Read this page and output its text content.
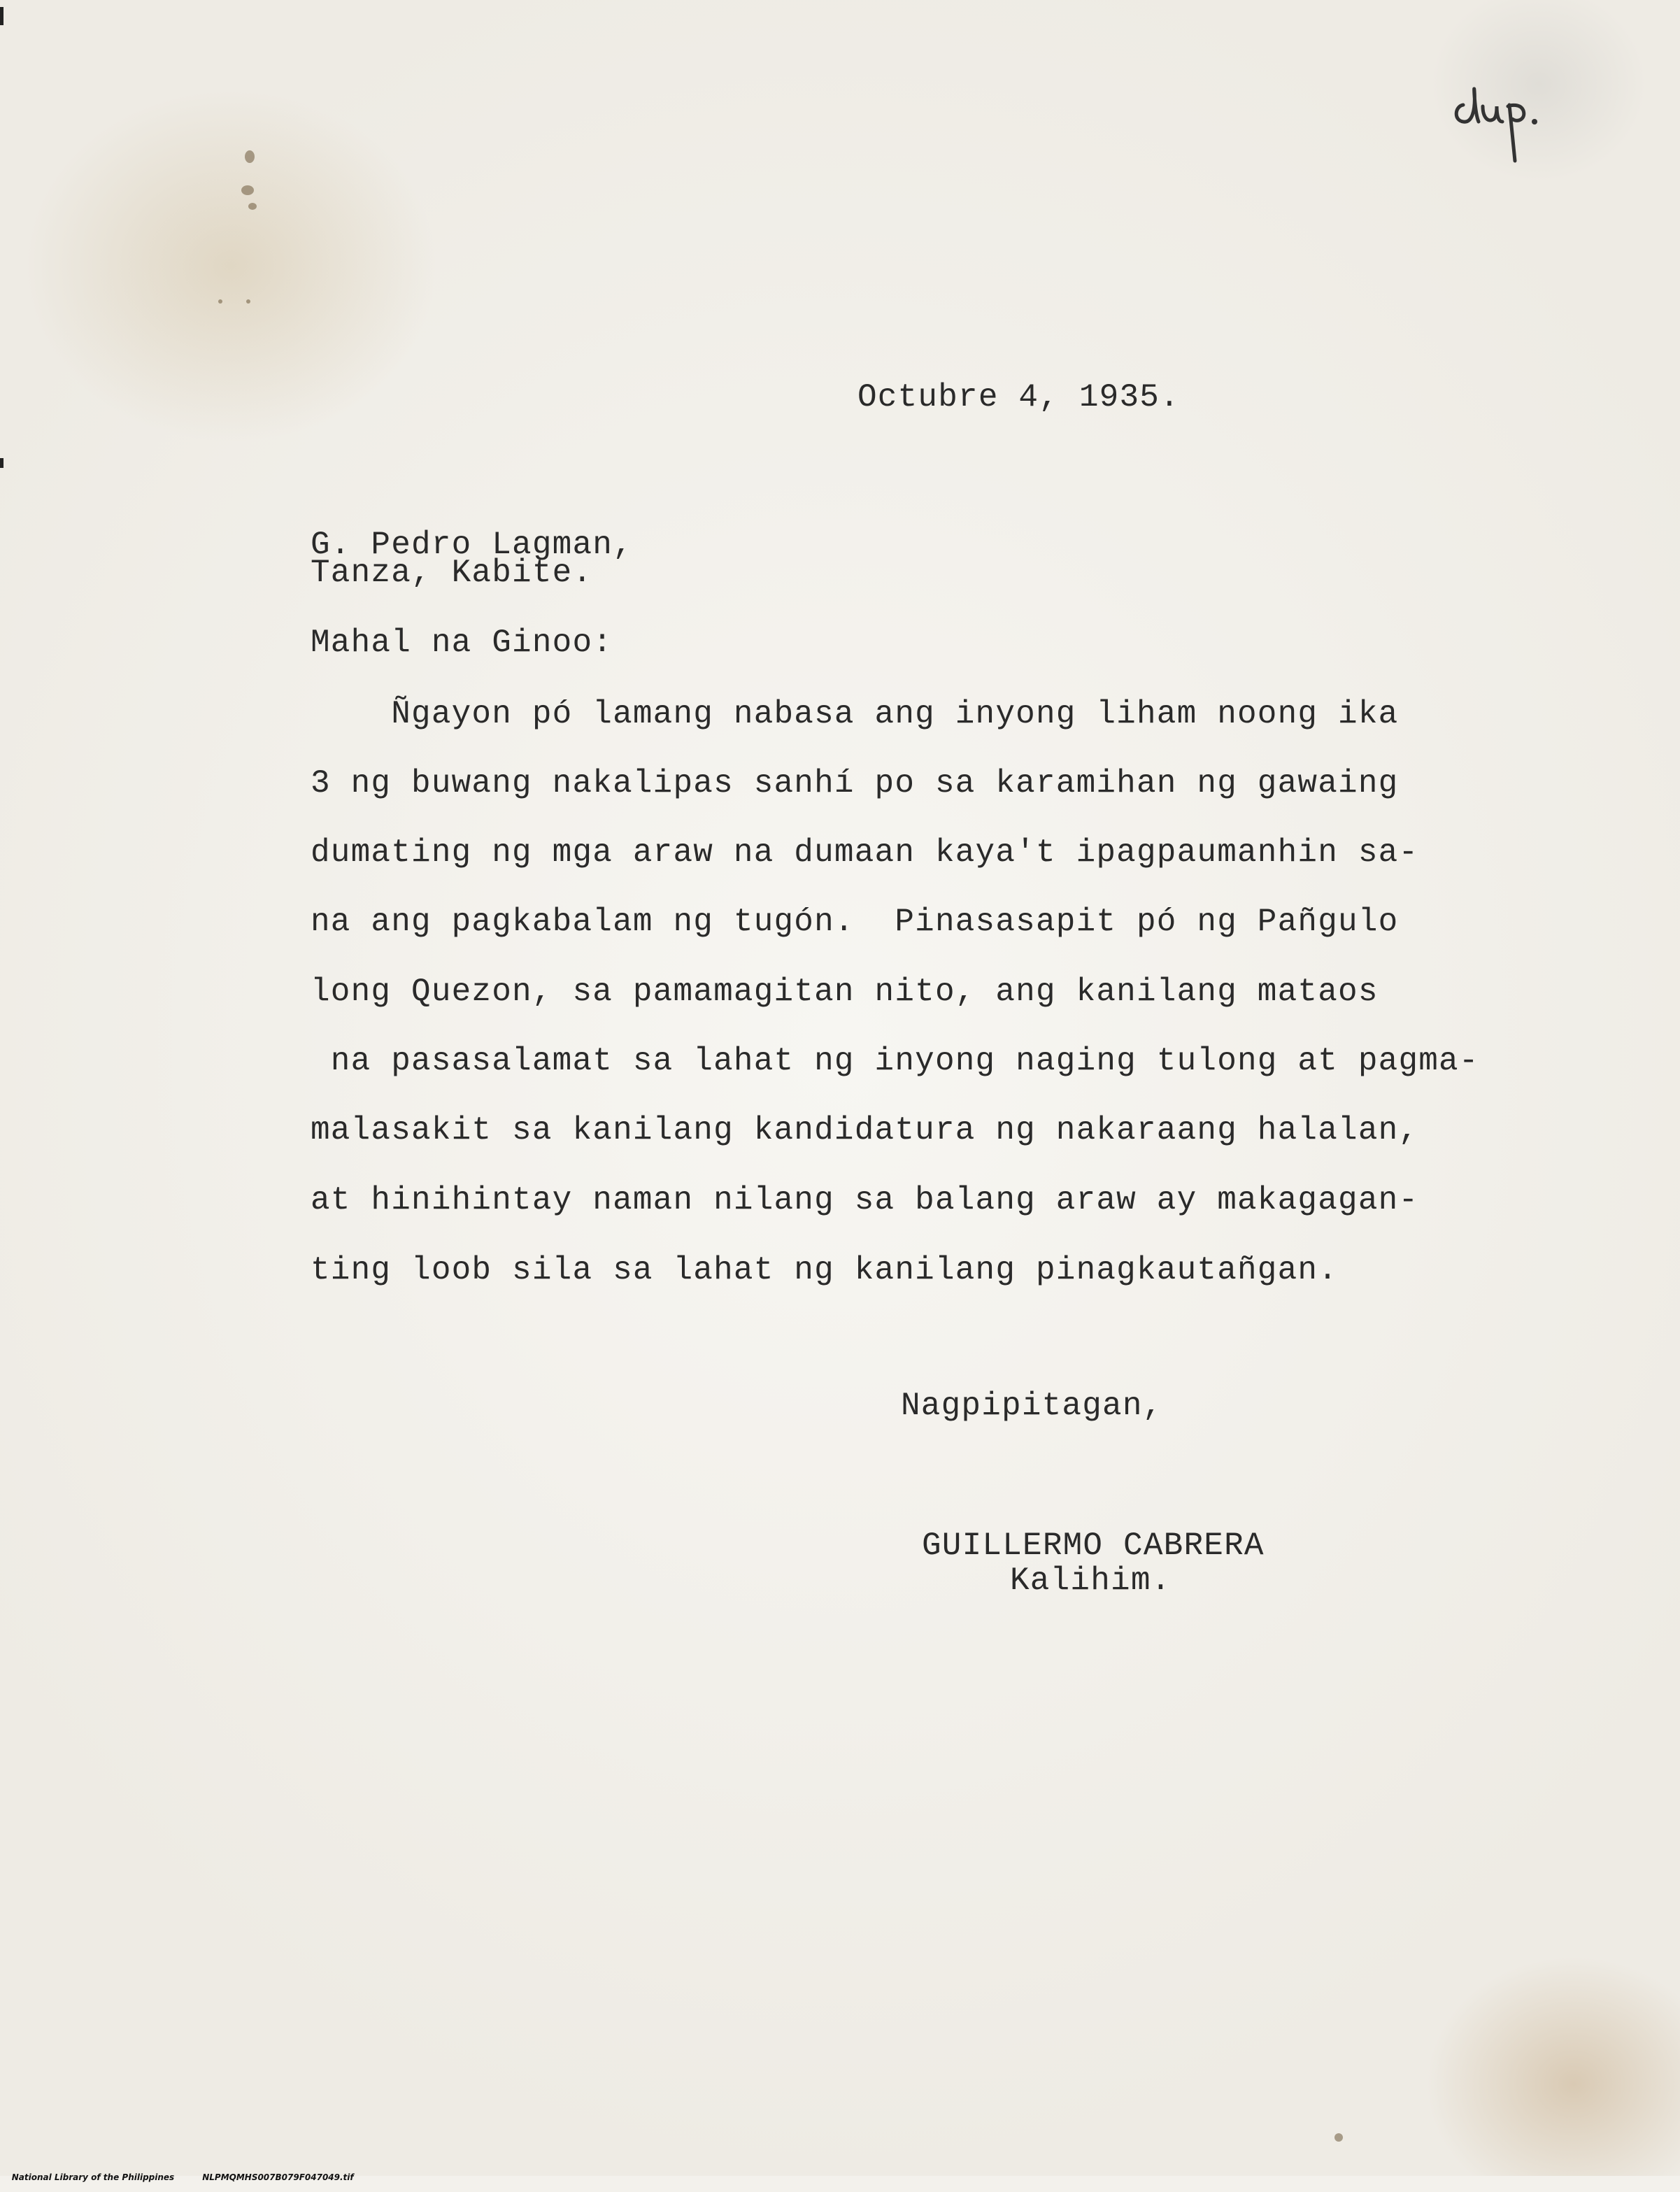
Octubre 4, 1935.
G. Pedro Lagman,
Tanza, Kabite.
Mahal na Ginoo:
Ñgayon pó lamang nabasa ang inyong liham noong ika
3 ng buwang nakalipas sanhí po sa karamihan ng gawaing
dumating ng mga araw na dumaan kaya't ipagpaumanhin sa-
na ang pagkabalam ng tugón.  Pinasasapit pó ng Pañgulo
long Quezon, sa pamamagitan nito, ang kanilang mataos
na pasasalamat sa lahat ng inyong naging tulong at pagma-
malasakit sa kanilang kandidatura ng nakaraang halalan,
at hinihintay naman nilang sa balang araw ay makagagan-
ting loob sila sa lahat ng kanilang pinagkautañgan.
Nagpipitagan,
GUILLERMO CABRERA
Kalihim.

National Library of the Philippines	NLPMQMHS007B079F047049.tif
